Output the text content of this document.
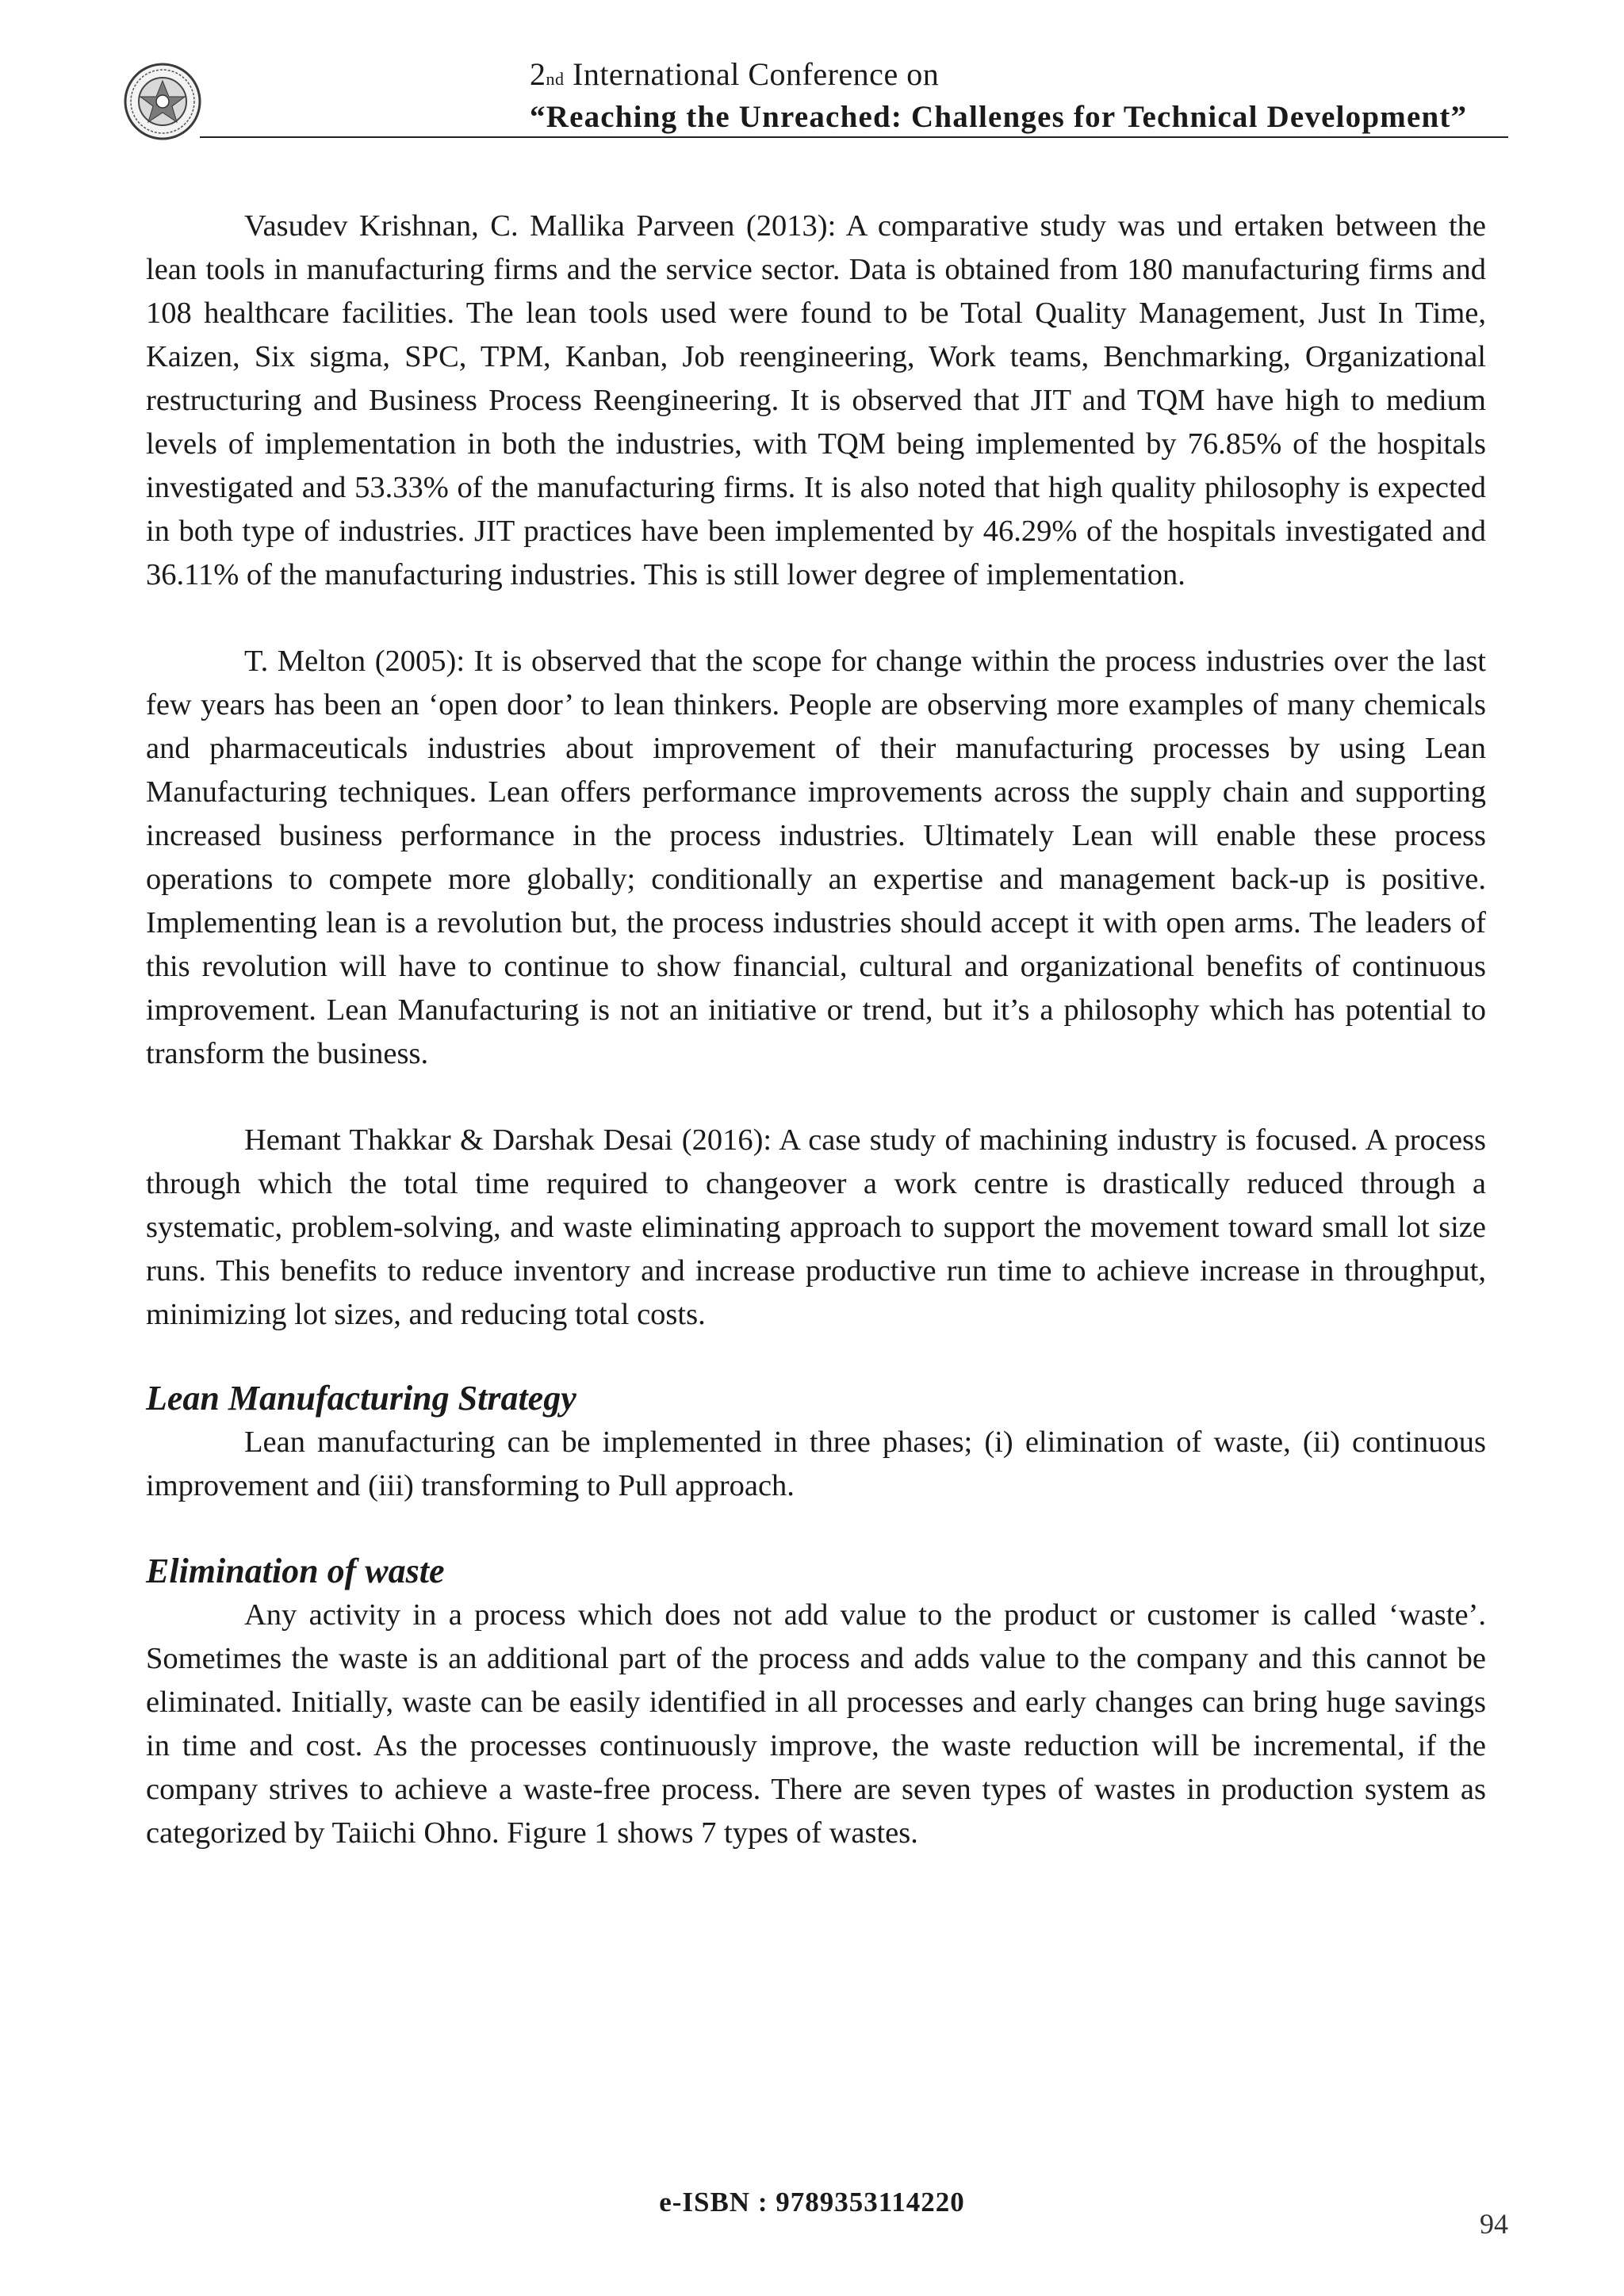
2nd International Conference on
“Reaching the Unreached: Challenges for Technical Development”

Vasudev Krishnan, C. Mallika Parveen (2013): A comparative study was und ertaken between the lean tools in manufacturing firms and the service sector. Data is obtained from 180 manufacturing firms and 108 healthcare facilities. The lean tools used were found to be Total Quality Management, Just In Time, Kaizen, Six sigma, SPC, TPM, Kanban, Job reengineering, Work teams, Benchmarking, Organizational restructuring and Business Process Reengineering. It is observed that JIT and TQM have high to medium levels of implementation in both the industries, with TQM being implemented by 76.85% of the hospitals investigated and 53.33% of the manufacturing firms. It is also noted that high quality philosophy is expected in both type of industries. JIT practices have been implemented by 46.29% of the hospitals investigated and 36.11% of the manufacturing industries. This is still lower degree of implementation.

T. Melton (2005): It is observed that the scope for change within the process industries over the last few years has been an ‘open door’ to lean thinkers. People are observing more examples of many chemicals and pharmaceuticals industries about improvement of their manufacturing processes by using Lean Manufacturing techniques. Lean offers performance improvements across the supply chain and supporting increased business performance in the process industries. Ultimately Lean will enable these process operations to compete more globally; conditionally an expertise and management back-up is positive. Implementing lean is a revolution but, the process industries should accept it with open arms. The leaders of this revolution will have to continue to show financial, cultural and organizational benefits of continuous improvement. Lean Manufacturing is not an initiative or trend, but it’s a philosophy which has potential to transform the business.

Hemant Thakkar & Darshak Desai (2016): A case study of machining industry is focused. A process through which the total time required to changeover a work centre is drastically reduced through a systematic, problem-solving, and waste eliminating approach to support the movement toward small lot size runs. This benefits to reduce inventory and increase productive run time to achieve increase in throughput, minimizing lot sizes, and reducing total costs.

Lean Manufacturing Strategy

Lean manufacturing can be implemented in three phases; (i) elimination of waste, (ii) continuous improvement and (iii) transforming to Pull approach.

Elimination of waste

Any activity in a process which does not add value to the product or customer is called ‘waste’. Sometimes the waste is an additional part of the process and adds value to the company and this cannot be eliminated. Initially, waste can be easily identified in all processes and early changes can bring huge savings in time and cost. As the processes continuously improve, the waste reduction will be incremental, if the company strives to achieve a waste-free process. There are seven types of wastes in production system as categorized by Taiichi Ohno. Figure 1 shows 7 types of wastes.

e-ISBN : 9789353114220
94
